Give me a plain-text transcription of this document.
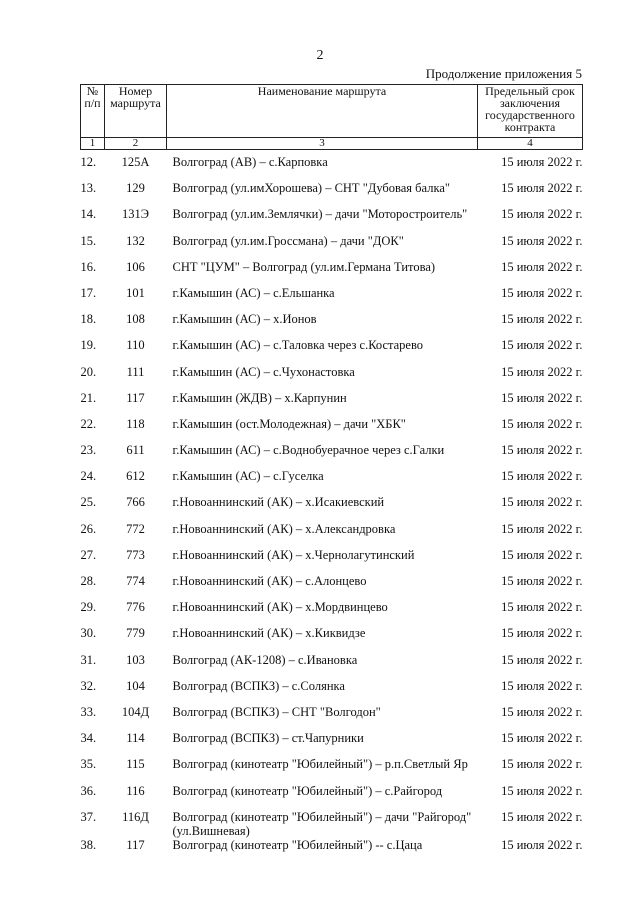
2
Продолжение приложения 5
№ п/п	Номер маршрута	Наименование маршрута	Предельный срок заключения государственного контракта
1	2	3	4
12.	125А	Волгоград (АВ) – с.Карповка	15 июля 2022 г.
13.	129	Волгоград (ул.имХорошева) – СНТ "Дубовая балка"	15 июля 2022 г.
14.	131Э	Волгоград (ул.им.Землячки) – дачи "Моторостроитель"	15 июля 2022 г.
15.	132	Волгоград (ул.им.Гроссмана) – дачи "ДОК"	15 июля 2022 г.
16.	106	СНТ "ЦУМ" – Волгоград (ул.им.Германа Титова)	15 июля 2022 г.
17.	101	г.Камышин (АС) – с.Ельшанка	15 июля 2022 г.
18.	108	г.Камышин (АС) – х.Ионов	15 июля 2022 г.
19.	110	г.Камышин (АС) – с.Таловка через с.Костарево	15 июля 2022 г.
20.	111	г.Камышин (АС) – с.Чухонастовка	15 июля 2022 г.
21.	117	г.Камышин (ЖДВ) – х.Карпунин	15 июля 2022 г.
22.	118	г.Камышин (ост.Молодежная) – дачи "ХБК"	15 июля 2022 г.
23.	611	г.Камышин (АС) – с.Воднобуерачное через с.Галки	15 июля 2022 г.
24.	612	г.Камышин (АС) – с.Гуселка	15 июля 2022 г.
25.	766	г.Новоаннинский (АК) – х.Исакиевский	15 июля 2022 г.
26.	772	г.Новоаннинский (АК) – х.Александровка	15 июля 2022 г.
27.	773	г.Новоаннинский (АК) – х.Чернолагутинский	15 июля 2022 г.
28.	774	г.Новоаннинский (АК) – с.Алонцево	15 июля 2022 г.
29.	776	г.Новоаннинский (АК) – х.Мордвинцево	15 июля 2022 г.
30.	779	г.Новоаннинский (АК) – х.Киквидзе	15 июля 2022 г.
31.	103	Волгоград (АК-1208) – с.Ивановка	15 июля 2022 г.
32.	104	Волгоград (ВСПКЗ) – с.Солянка	15 июля 2022 г.
33.	104Д	Волгоград (ВСПКЗ) – СНТ "Волгодон"	15 июля 2022 г.
34.	114	Волгоград (ВСПКЗ) – ст.Чапурники	15 июля 2022 г.
35.	115	Волгоград (кинотеатр "Юбилейный") – р.п.Светлый Яр	15 июля 2022 г.
36.	116	Волгоград (кинотеатр "Юбилейный") – с.Райгород	15 июля 2022 г.
37.	116Д	Волгоград (кинотеатр "Юбилейный") – дачи "Райгород" (ул.Вишневая)	15 июля 2022 г.
38.	117	Волгоград (кинотеатр "Юбилейный") -- с.Цаца	15 июля 2022 г.
